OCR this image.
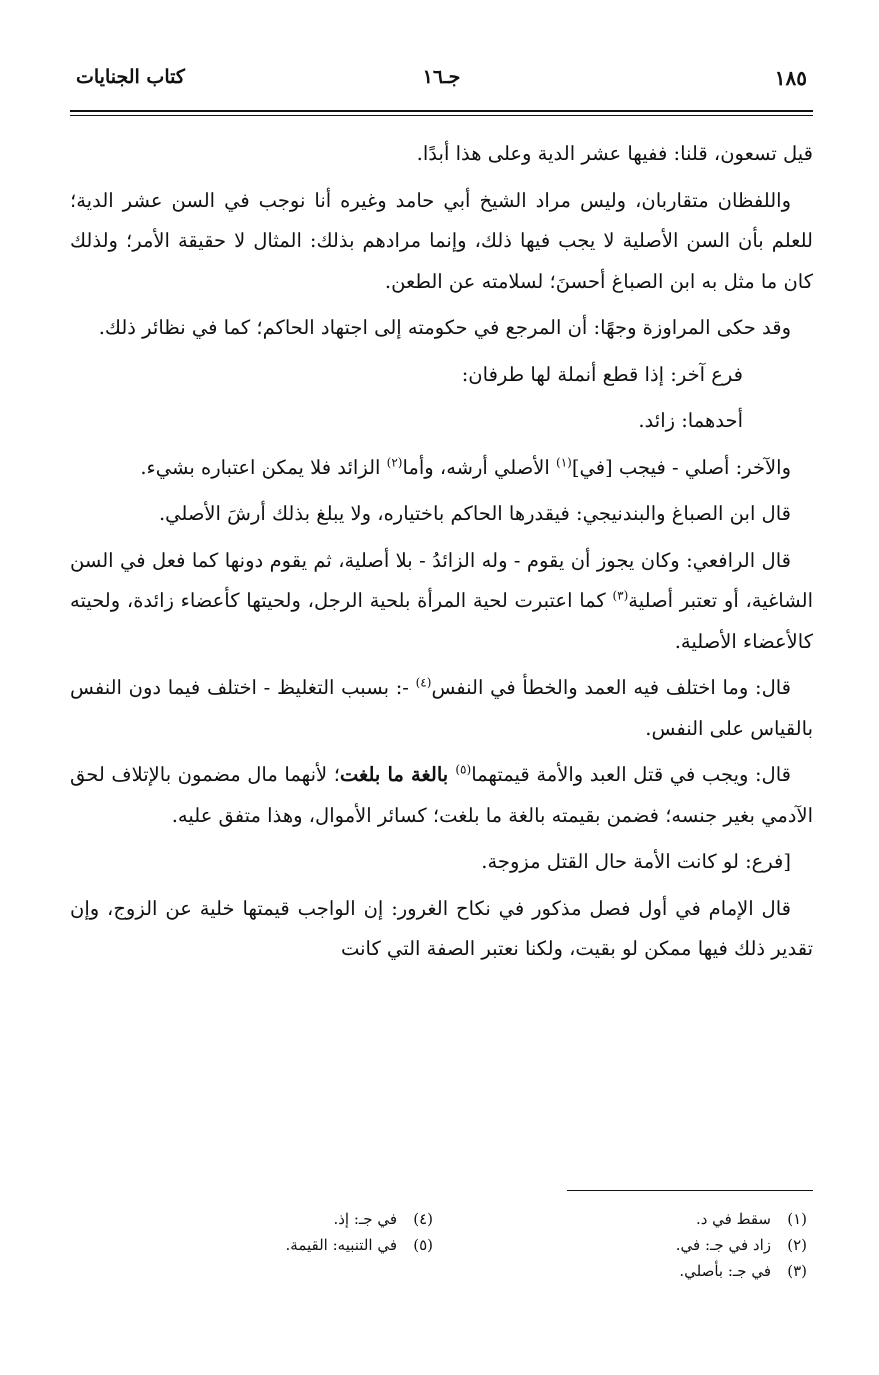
١٨٥
جـ١٦
كتاب الجنايات

قيل تسعون، قلنا: ففيها عشر الدية وعلى هذا أبدًا.

واللفظان متقاربان، وليس مراد الشيخ أبي حامد وغيره أنا نوجب في السن عشر الدية؛ للعلم بأن السن الأصلية لا يجب فيها ذلك، وإنما مرادهم بذلك: المثال لا حقيقة الأمر؛ ولذلك كان ما مثل به ابن الصباغ أحسنَ؛ لسلامته عن الطعن.

وقد حكى المراوزة وجهًا: أن المرجع في حكومته إلى اجتهاد الحاكم؛ كما في نظائر ذلك.

فرع آخر: إذا قطع أنملة لها طرفان:

أحدهما: زائد.

والآخر: أصلي - فيجب [في]$^{(١)}$ الأصلي أرشه، وأما$^{(٢)}$ الزائد فلا يمكن اعتباره بشيء.

قال ابن الصباغ والبندنيجي: فيقدرها الحاكم باختياره، ولا يبلغ بذلك أرشَ الأصلي.

قال الرافعي: وكان يجوز أن يقوم - وله الزائدُ - بلا أصلية، ثم يقوم دونها كما فعل في السن الشاغية، أو تعتبر أصلية$^{(٣)}$ كما اعتبرت لحية المرأة بلحية الرجل، ولحيتها كأعضاء زائدة، ولحيته كالأعضاء الأصلية.

قال: وما اختلف فيه العمد والخطأ في النفس$^{(٤)}$ -: بسبب التغليظ - اختلف فيما دون النفس بالقياس على النفس.

قال: ويجب في قتل العبد والأمة قيمتهما$^{(٥)}$ بالغة ما بلغت؛ لأنهما مال مضمون بالإتلاف لحق الآدمي بغير جنسه؛ فضمن بقيمته بالغة ما بلغت؛ كسائر الأموال، وهذا متفق عليه.

[فرع: لو كانت الأمة حال القتل مزوجة.

قال الإمام في أول فصل مذكور في نكاح الغرور: إن الواجب قيمتها خلية عن الزوج، وإن تقدير ذلك فيها ممكن لو بقيت، ولكنا نعتبر الصفة التي كانت

(١)سقط في د.
(٢)زاد في جـ: في.
(٣)في جـ: بأصلي.
(٤)في جـ: إذ.
(٥)في التنبيه: القيمة.
